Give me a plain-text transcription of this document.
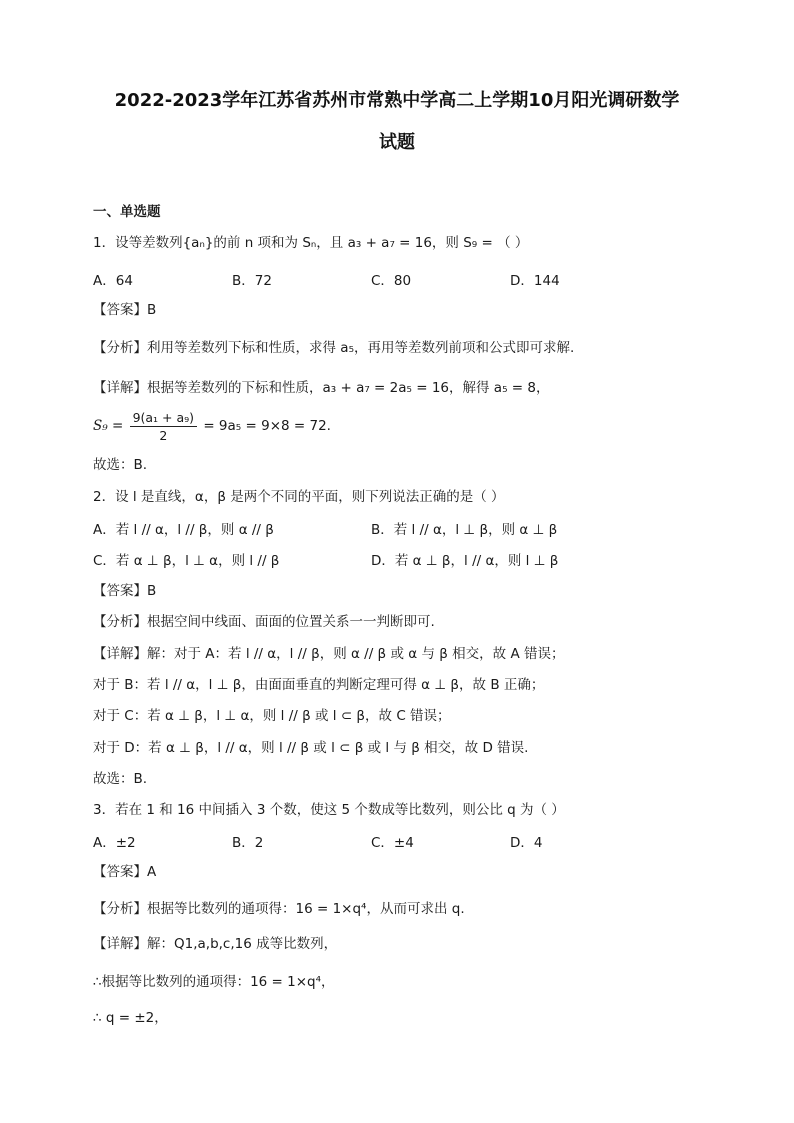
2022-2023学年江苏省苏州市常熟中学高二上学期10月阳光调研数学
试题
一、单选题
1．设等差数列{aₙ}的前 n 项和为 Sₙ，且 a₃ + a₇ = 16，则 S₉ = （ ）
A．64	B．72	C．80	D．144
【答案】B
【分析】利用等差数列下标和性质，求得 a₅，再用等差数列前项和公式即可求解.
【详解】根据等差数列的下标和性质，a₃ + a₇ = 2a₅ = 16，解得 a₅ = 8，
$S_9 = \frac{\text{9(a₁ + a₉)}}{2} = 9a_5 = 9\times 8 = 72$.
故选：B.
2．设 l 是直线，α，β 是两个不同的平面，则下列说法正确的是（ ）
A．若 l // α，l // β，则 α // β	B．若 l // α，l ⊥ β，则 α ⊥ β
C．若 α ⊥ β，l ⊥ α，则 l // β	D．若 α ⊥ β，l // α，则 l ⊥ β
【答案】B
【分析】根据空间中线面、面面的位置关系一一判断即可.
【详解】解：对于 A：若 l // α，l // β，则 α // β 或 α 与 β 相交，故 A 错误；
对于 B：若 l // α，l ⊥ β，由面面垂直的判断定理可得 α ⊥ β，故 B 正确；
对于 C：若 α ⊥ β，l ⊥ α，则 l // β 或 l ⊂ β，故 C 错误；
对于 D：若 α ⊥ β，l // α，则 l // β 或 l ⊂ β 或 l 与 β 相交，故 D 错误.
故选：B.
3．若在 1 和 16 中间插入 3 个数，使这 5 个数成等比数列，则公比 q 为（ ）
A．±2	B．2	C．±4	D．4
【答案】A
【分析】根据等比数列的通项得：16 = 1×q⁴，从而可求出 q.
【详解】解：Q1,a,b,c,16 成等比数列，
∴根据等比数列的通项得：16 = 1×q⁴，
∴ q = ±2，
